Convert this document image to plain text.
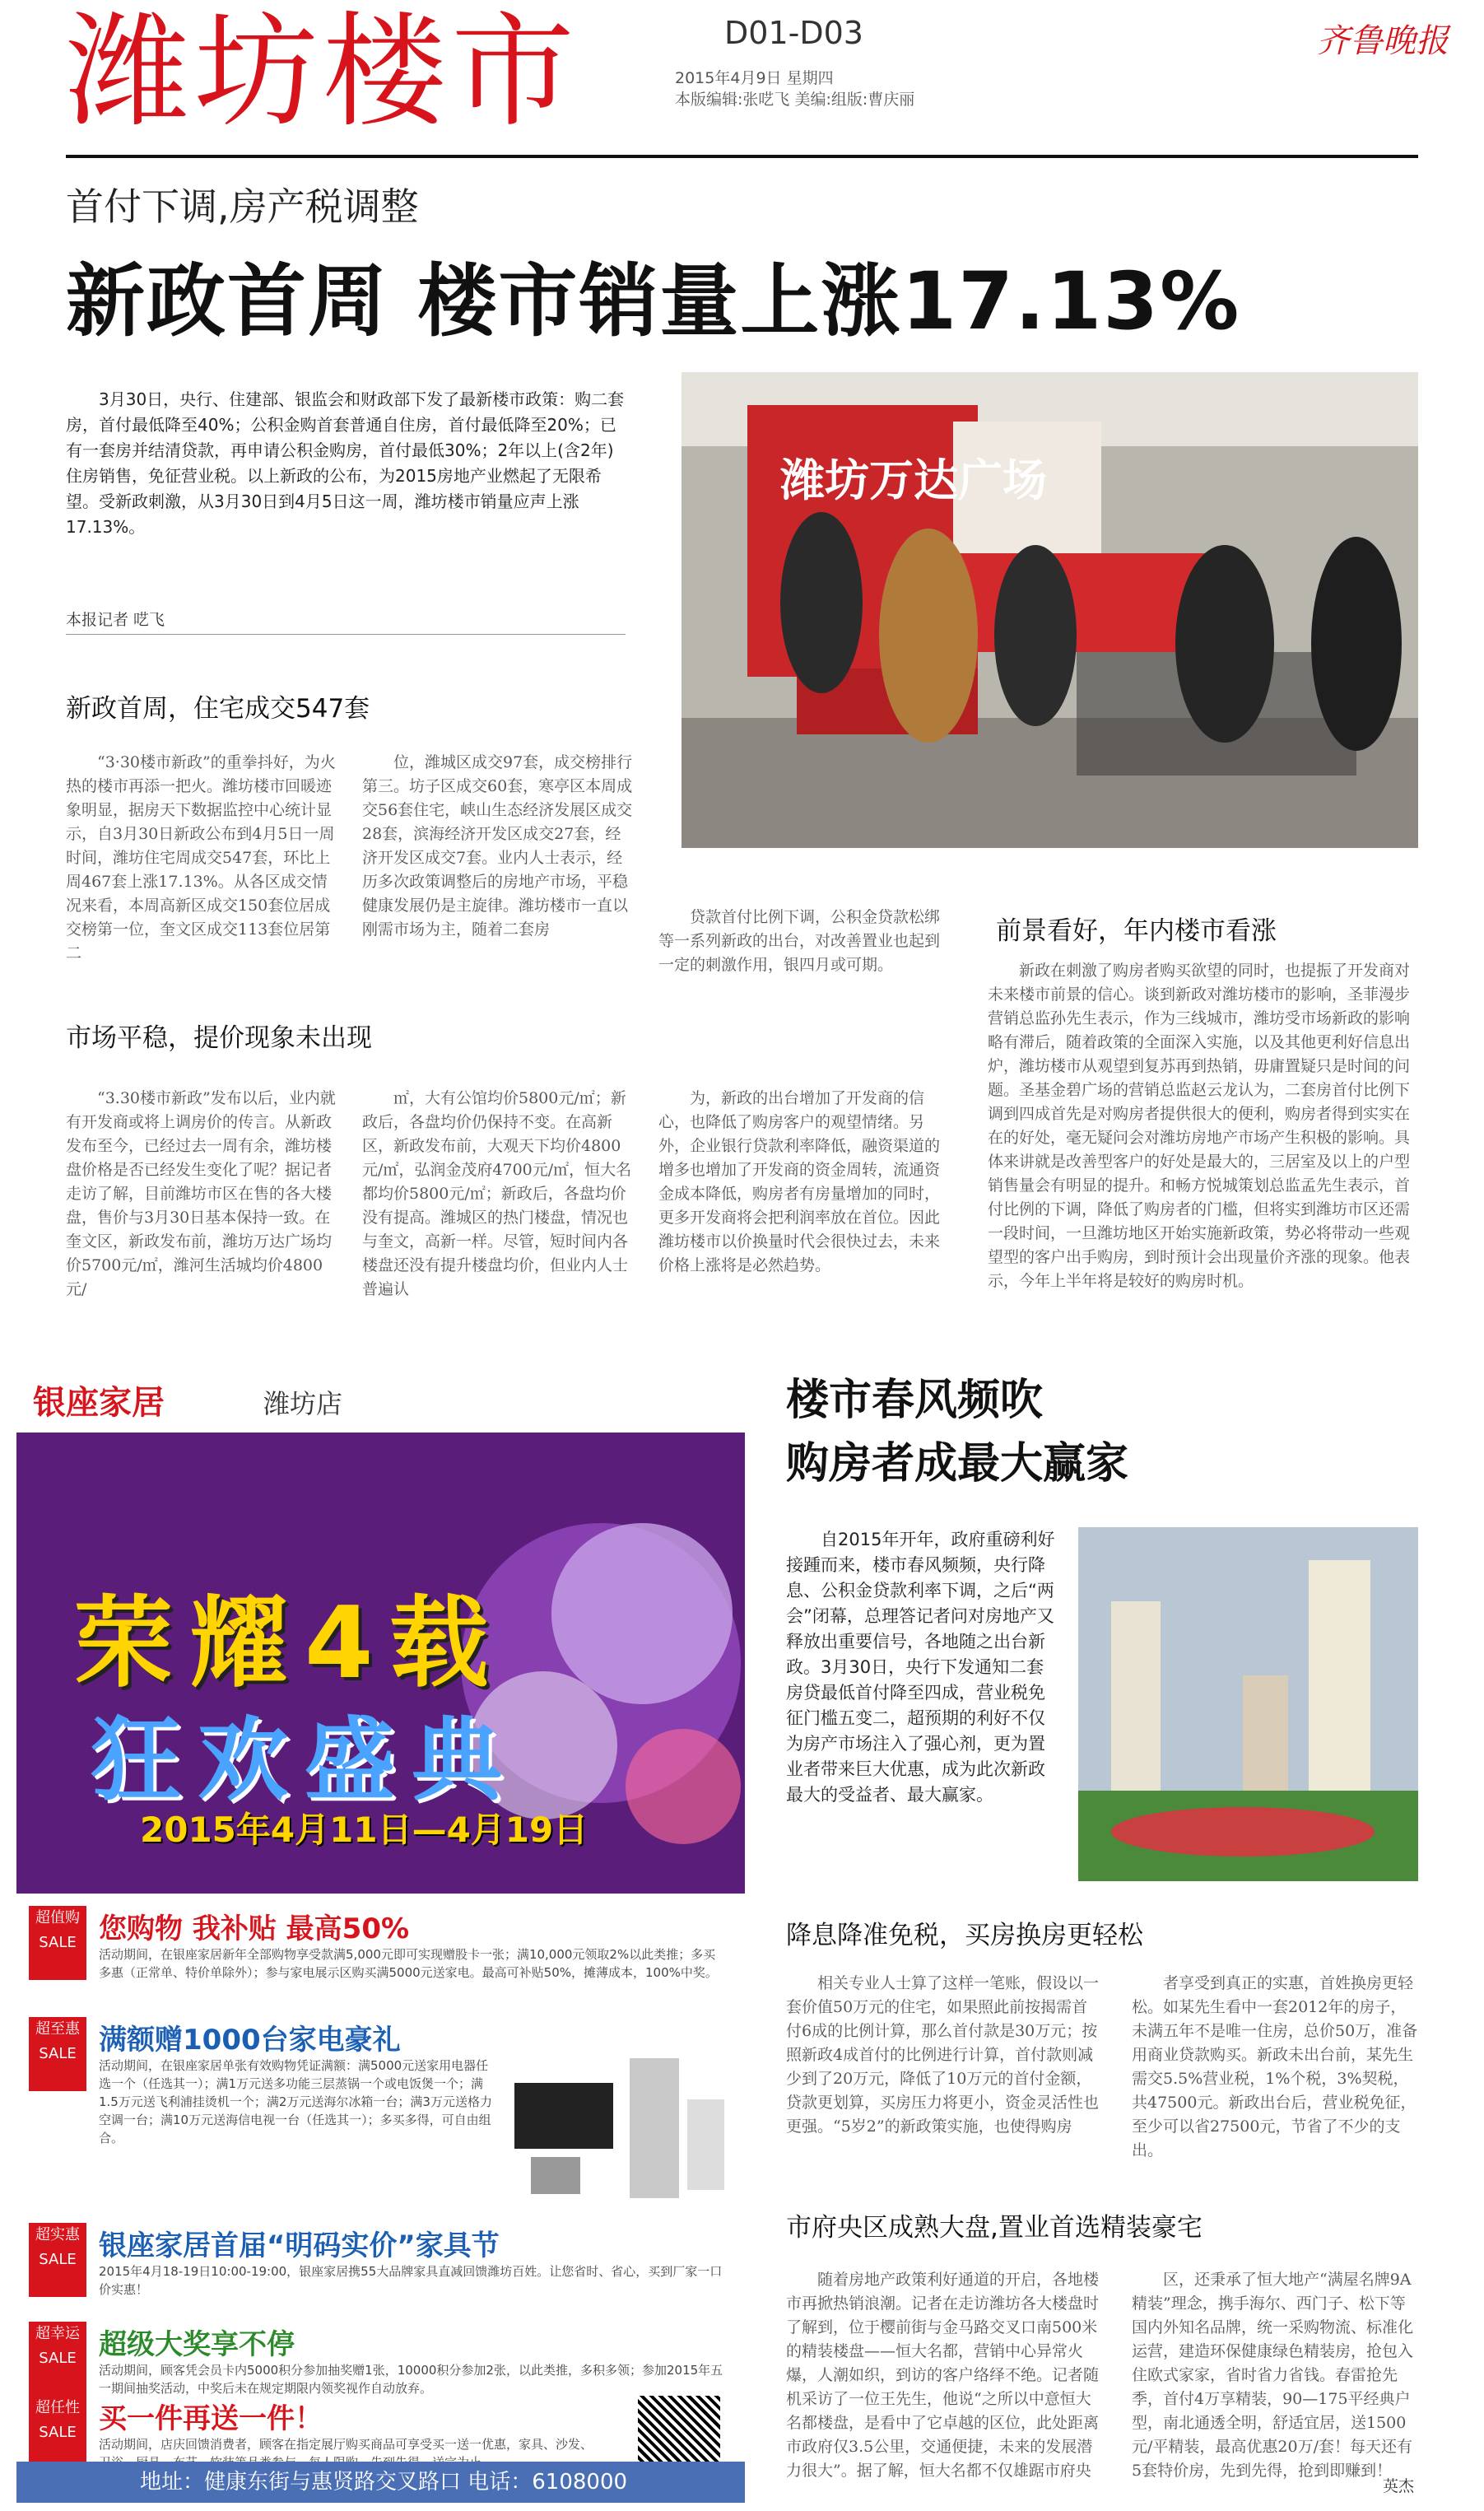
潍坊楼市	D01-D03
2015年4月9日 星期四
本版编辑:张呓飞 美编:组版:曹庆丽
齐鲁晚报
首付下调,房产税调整
新政首周 楼市销量上涨17.13%
3月30日，央行、住建部、银监会和财政部下发了最新楼市政策：购二套房，首付最低降至40%；公积金购首套普通自住房，首付最低降至20%；已有一套房并结清贷款，再申请公积金购房，首付最低30%；2年以上(含2年)住房销售，免征营业税。以上新政的公布，为2015房地产业燃起了无限希望。受新政刺激，从3月30日到4月5日这一周，潍坊楼市销量应声上涨17.13%。
本报记者 呓飞
潍坊万达广场
新政首周，住宅成交547套
“3·30楼市新政”的重拳抖好，为火热的楼市再添一把火。潍坊楼市回暖迹象明显，据房天下数据监控中心统计显示，自3月30日新政公布到4月5日一周时间，潍坊住宅周成交547套，环比上周467套上涨17.13%。从各区成交情况来看，本周高新区成交150套位居成交榜第一位，奎文区成交113套位居第二
位，潍城区成交97套，成交榜排行第三。坊子区成交60套，寒亭区本周成交56套住宅，峡山生态经济发展区成交28套，滨海经济开发区成交27套，经济开发区成交7套。业内人士表示，经历多次政策调整后的房地产市场，平稳健康发展仍是主旋律。潍坊楼市一直以刚需市场为主，随着二套房
贷款首付比例下调，公积金贷款松绑等一系列新政的出台，对改善置业也起到一定的刺激作用，银四月或可期。
前景看好，年内楼市看涨
新政在刺激了购房者购买欲望的同时，也提振了开发商对未来楼市前景的信心。谈到新政对潍坊楼市的影响，圣菲漫步营销总监孙先生表示，作为三线城市，潍坊受市场新政的影响略有滞后，随着政策的全面深入实施，以及其他更利好信息出炉，潍坊楼市从观望到复苏再到热销，毋庸置疑只是时间的问题。圣基金碧广场的营销总监赵云龙认为，二套房首付比例下调到四成首先是对购房者提供很大的便利，购房者得到实实在在的好处，毫无疑问会对潍坊房地产市场产生积极的影响。具体来讲就是改善型客户的好处是最大的，三居室及以上的户型销售量会有明显的提升。和畅方悦城策划总监孟先生表示，首付比例的下调，降低了购房者的门槛，但将实到潍坊市区还需一段时间，一旦潍坊地区开始实施新政策，势必将带动一些观望型的客户出手购房，到时预计会出现量价齐涨的现象。他表示，今年上半年将是较好的购房时机。
市场平稳，提价现象未出现
“3.30楼市新政”发布以后，业内就有开发商或将上调房价的传言。从新政发布至今，已经过去一周有余，潍坊楼盘价格是否已经发生变化了呢？据记者走访了解，目前潍坊市区在售的各大楼盘，售价与3月30日基本保持一致。在奎文区，新政发布前，潍坊万达广场均价5700元/㎡，潍河生活城均价4800元/
㎡，大有公馆均价5800元/㎡；新政后，各盘均价仍保持不变。在高新区，新政发布前，大观天下均价4800元/㎡，弘润金茂府4700元/㎡，恒大名都均价5800元/㎡；新政后，各盘均价没有提高。潍城区的热门楼盘，情况也与奎文，高新一样。尽管，短时间内各楼盘还没有提升楼盘均价，但业内人士普遍认
为，新政的出台增加了开发商的信心，也降低了购房客户的观望情绪。另外，企业银行贷款利率降低，融资渠道的增多也增加了开发商的资金周转，流通资金成本降低，购房者有房量增加的同时，更多开发商将会把利润率放在首位。因此潍坊楼市以价换量时代会很快过去，未来价格上涨将是必然趋势。
银座家居	潍坊店
荣耀4载
狂欢盛典
2015年4月11日—4月19日
超值购 SALE 您购物 我补贴 最高50%
活动期间，在银座家居新年全部购物享受款满5,000元即可实现赠股卡一张；满10,000元领取2%以此类推；多买多惠（正常单、特价单除外）；参与家电展示区购买满5000元送家电。最高可补贴50%，摊薄成本，100%中奖。
超至惠 SALE 满额赠1000台家电豪礼
活动期间，在银座家居单张有效购物凭证满额：满5000元送家用电器任选一个（任选其一）；满1万元送多功能三层蒸锅一个或电饭煲一个；满1.5万元送飞利浦挂烫机一个；满2万元送海尔冰箱一台；满3万元送格力空调一台；满10万元送海信电视一台（任选其一）；多买多得，可自由组合。
超实惠 SALE 银座家居首届“明码实价”家具节
2015年4月18-19日10:00-19:00，银座家居携55大品牌家具直减回馈潍坊百姓。让您省时、省心，买到厂家一口价实惠！
超幸运 SALE 超级大奖享不停
活动期间，顾客凭会员卡内5000积分参加抽奖赠1张，10000积分参加2张，以此类推，多积多领；参加2015年五一期间抽奖活动，中奖后未在规定期限内领奖视作自动放弃。
超任性 SALE 买一件再送一件！
活动期间，店庆回馈消费者，顾客在指定展厅购买商品可享受买一送一优惠，家具、沙发、
地址：健康东街与惠贤路交叉路口 电话：6108000
楼市春风频吹
购房者成最大赢家
自2015年开年，政府重磅利好接踵而来，楼市春风频频，央行降息、公积金贷款利率下调，之后“两会”闭幕，总理答记者问对房地产又释放出重要信号，各地随之出台新政。3月30日，央行下发通知二套房贷最低首付降至四成，营业税免征门槛五变二，超预期的利好不仅为房产市场注入了强心剂，更为置业者带来巨大优惠，成为此次新政最大的受益者、最大赢家。
降息降准免税，买房换房更轻松
相关专业人士算了这样一笔账，假设以一套价值50万元的住宅，如果照此前按揭需首付6成的比例计算，那么首付款是30万元；按照新政4成首付的比例进行计算，首付款则减少到了20万元，降低了10万元的首付金额，贷款更划算，买房压力将更小，资金灵活性也更强。“5岁2”的新政策实施，也使得购房
者享受到真正的实惠，首姓换房更轻松。如某先生看中一套2012年的房子，未满五年不是唯一住房，总价50万，准备用商业贷款购买。新政未出台前，某先生需交5.5%营业税，1%个税，3%契税，共47500元。新政出台后，营业税免征，至少可以省27500元，节省了不少的支出。
市府央区成熟大盘,置业首选精装豪宅
随着房地产政策利好通道的开启，各地楼市再掀热销浪潮。记者在走访潍坊各大楼盘时了解到，位于樱前街与金马路交叉口南500米的精装楼盘——恒大名都，营销中心异常火爆，人潮如织，到访的客户络绎不绝。记者随机采访了一位王先生，他说“之所以中意恒大名都楼盘，是看中了它卓越的区位，此处距离市政府仅3.5公里，交通便捷，未来的发展潜力很大”。据了解，恒大名都不仅雄踞市府央
区，还秉承了恒大地产“满屋名牌9A精装”理念，携手海尔、西门子、松下等国内外知名品牌，统一采购物流、标准化运营，建造环保健康绿色精装房，抢包入住欧式家家，省时省力省钱。春雷抢先季，首付4万享精装，90—175平经典户型，南北通透全明，舒适宜居，送1500元/平精装，最高优惠20万/套！每天还有5套特价房，先到先得，抢到即赚到！
英杰
